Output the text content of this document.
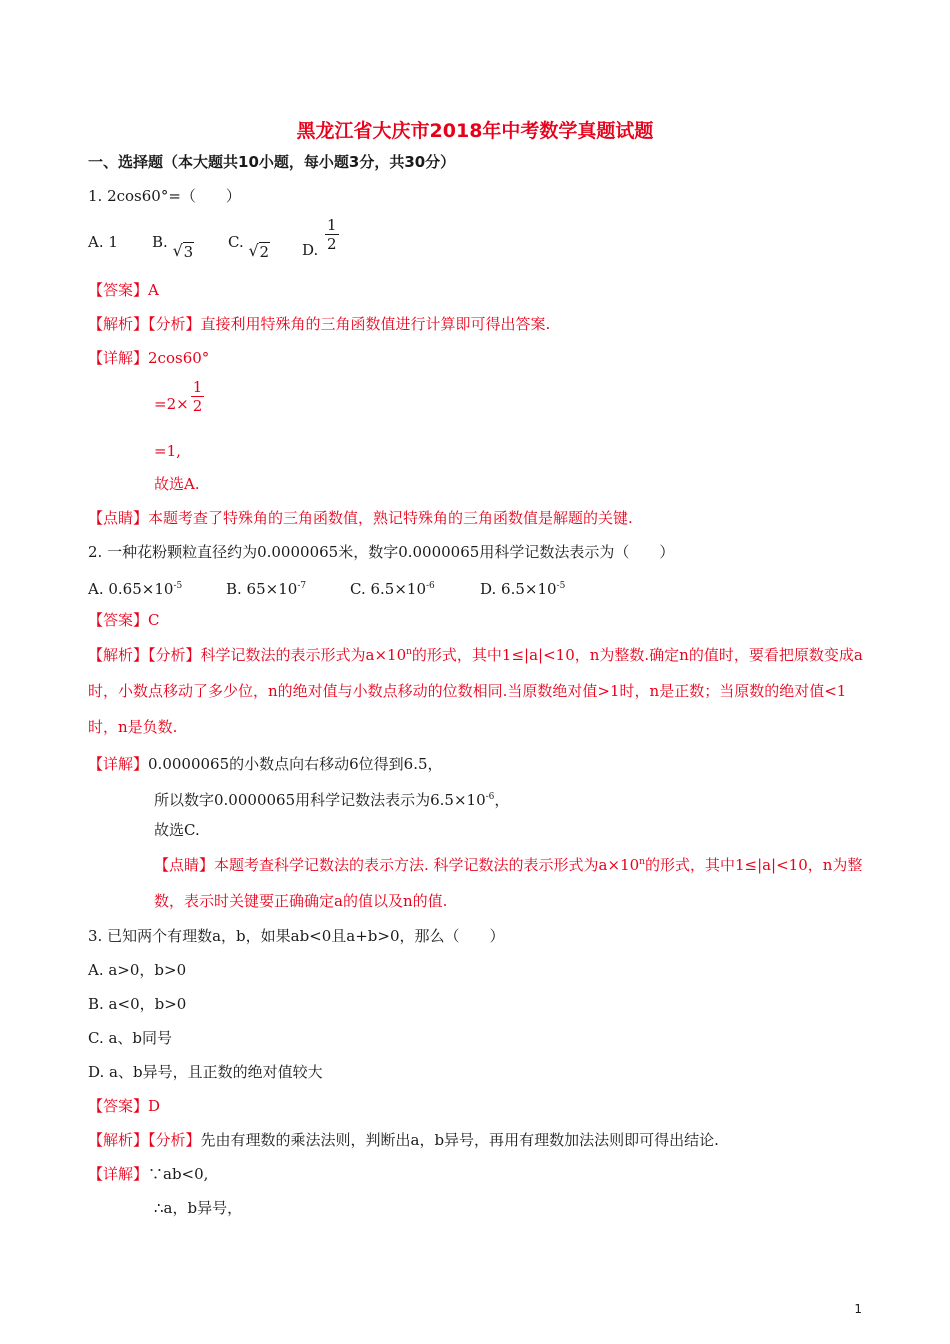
黑龙江省大庆市2018年中考数学真题试题
一、选择题（本大题共10小题，每小题3分，共30分）
1. 2cos60°=（　　）
A. 1 B. √ 3
C. √ 2 D. $\frac{1}{2}$
【答案】A
【解析】【分析】直接利用特殊角的三角函数值进行计算即可得出答案.
【详解】2cos60°
$=2\times \frac{1}{2}$
=1,
故选A.
【点睛】本题考查了特殊角的三角函数值，熟记特殊角的三角函数值是解题的关键.
2. 一种花粉颗粒直径约为0.0000065米，数字0.0000065用科学记数法表示为（　　）
A. $0.65\times 10^{-5}$	B. $65\times 10^{-7}$	C. $6.5\times 10^{-6}$	D. $6.5\times 10^{-5}$
【答案】C
【解析】【分析】科学记数法的表示形式为$a\times 10^n$的形式，其中1≤|a|<10，n为整数.确定n的值时，要看把原数变成a时，小数点移动了多少位，n的绝对值与小数点移动的位数相同.当原数绝对值>1时，n是正数；当原数的绝对值<1时，n是负数.
【详解】0.0000065的小数点向右移动6位得到6.5，
所以数字0.0000065用科学记数法表示为$6.5\times 10^{-6}$，
故选C.
【点睛】本题考查科学记数法的表示方法. 科学记数法的表示形式为$a\times 10^n$的形式，其中1≤|a|<10，n为整数，表示时关键要正确确定a的值以及n的值.
3. 已知两个有理数a，b，如果ab<0且a+b>0，那么（　　）
A. a>0，b>0
B. a<0，b>0
C. a、b同号
D. a、b异号，且正数的绝对值较大
【答案】D
【解析】【分析】先由有理数的乘法法则，判断出a，b异号，再用有理数加法法则即可得出结论.
【详解】∵ab<0,
∴a，b异号，
1
